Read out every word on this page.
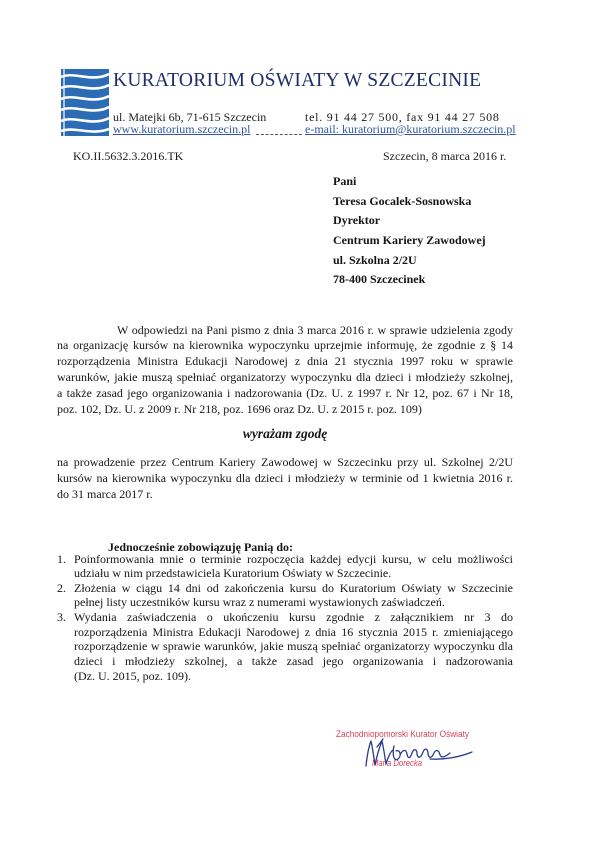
KURATORIUM OŚWIATY W SZCZECINIE
ul. Matejki 6b, 71-615 Szczecin	tel. 91 44 27 500, fax 91 44 27 508
www.kuratorium.szczecin.pl	e-mail: kuratorium@kuratorium.szczecin.pl
KO.II.5632.3.2016.TK	Szczecin, 8 marca 2016 r.
Pani
Teresa Gocalek-Sosnowska
Dyrektor
Centrum Kariery Zawodowej
ul. Szkolna 2/2U
78-400 Szczecinek
W odpowiedzi na Pani pismo z dnia 3 marca 2016 r. w sprawie udzielenia zgody
na organizację kursów na kierownika wypoczynku uprzejmie informuję, że zgodnie z § 14
rozporządzenia Ministra Edukacji Narodowej z dnia 21 stycznia 1997 roku w sprawie
warunków, jakie muszą spełniać organizatorzy wypoczynku dla dzieci i młodzieży szkolnej,
a także zasad jego organizowania i nadzorowania (Dz. U. z 1997 r. Nr 12, poz. 67 i Nr 18,
poz. 102, Dz. U. z 2009 r. Nr 218, poz. 1696 oraz Dz. U. z 2015 r. poz. 109)
wyrażam zgodę
na prowadzenie przez Centrum Kariery Zawodowej w Szczecinku przy ul. Szkolnej 2/2U
kursów na kierownika wypoczynku dla dzieci i młodzieży w terminie od 1 kwietnia 2016 r.
do 31 marca 2017 r.
Jednocześnie zobowiązuję Panią do:
1. Poinformowania mnie o terminie rozpoczęcia każdej edycji kursu, w celu możliwości
udziału w nim przedstawiciela Kuratorium Oświaty w Szczecinie.
2. Złożenia w ciągu 14 dni od zakończenia kursu do Kuratorium Oświaty w Szczecinie
pełnej listy uczestników kursu wraz z numerami wystawionych zaświadczeń.
3. Wydania zaświadczenia o ukończeniu kursu zgodnie z załącznikiem nr 3 do
rozporządzenia Ministra Edukacji Narodowej z dnia 16 stycznia 2015 r. zmieniającego
rozporządzenie w sprawie warunków, jakie muszą spełniać organizatorzy wypoczynku dla
dzieci i młodzieży szkolnej, a także zasad jego organizowania i nadzorowania
(Dz. U. 2015, poz. 109).
Zachodniopomorski Kurator Oświaty
Maria Dorecka
